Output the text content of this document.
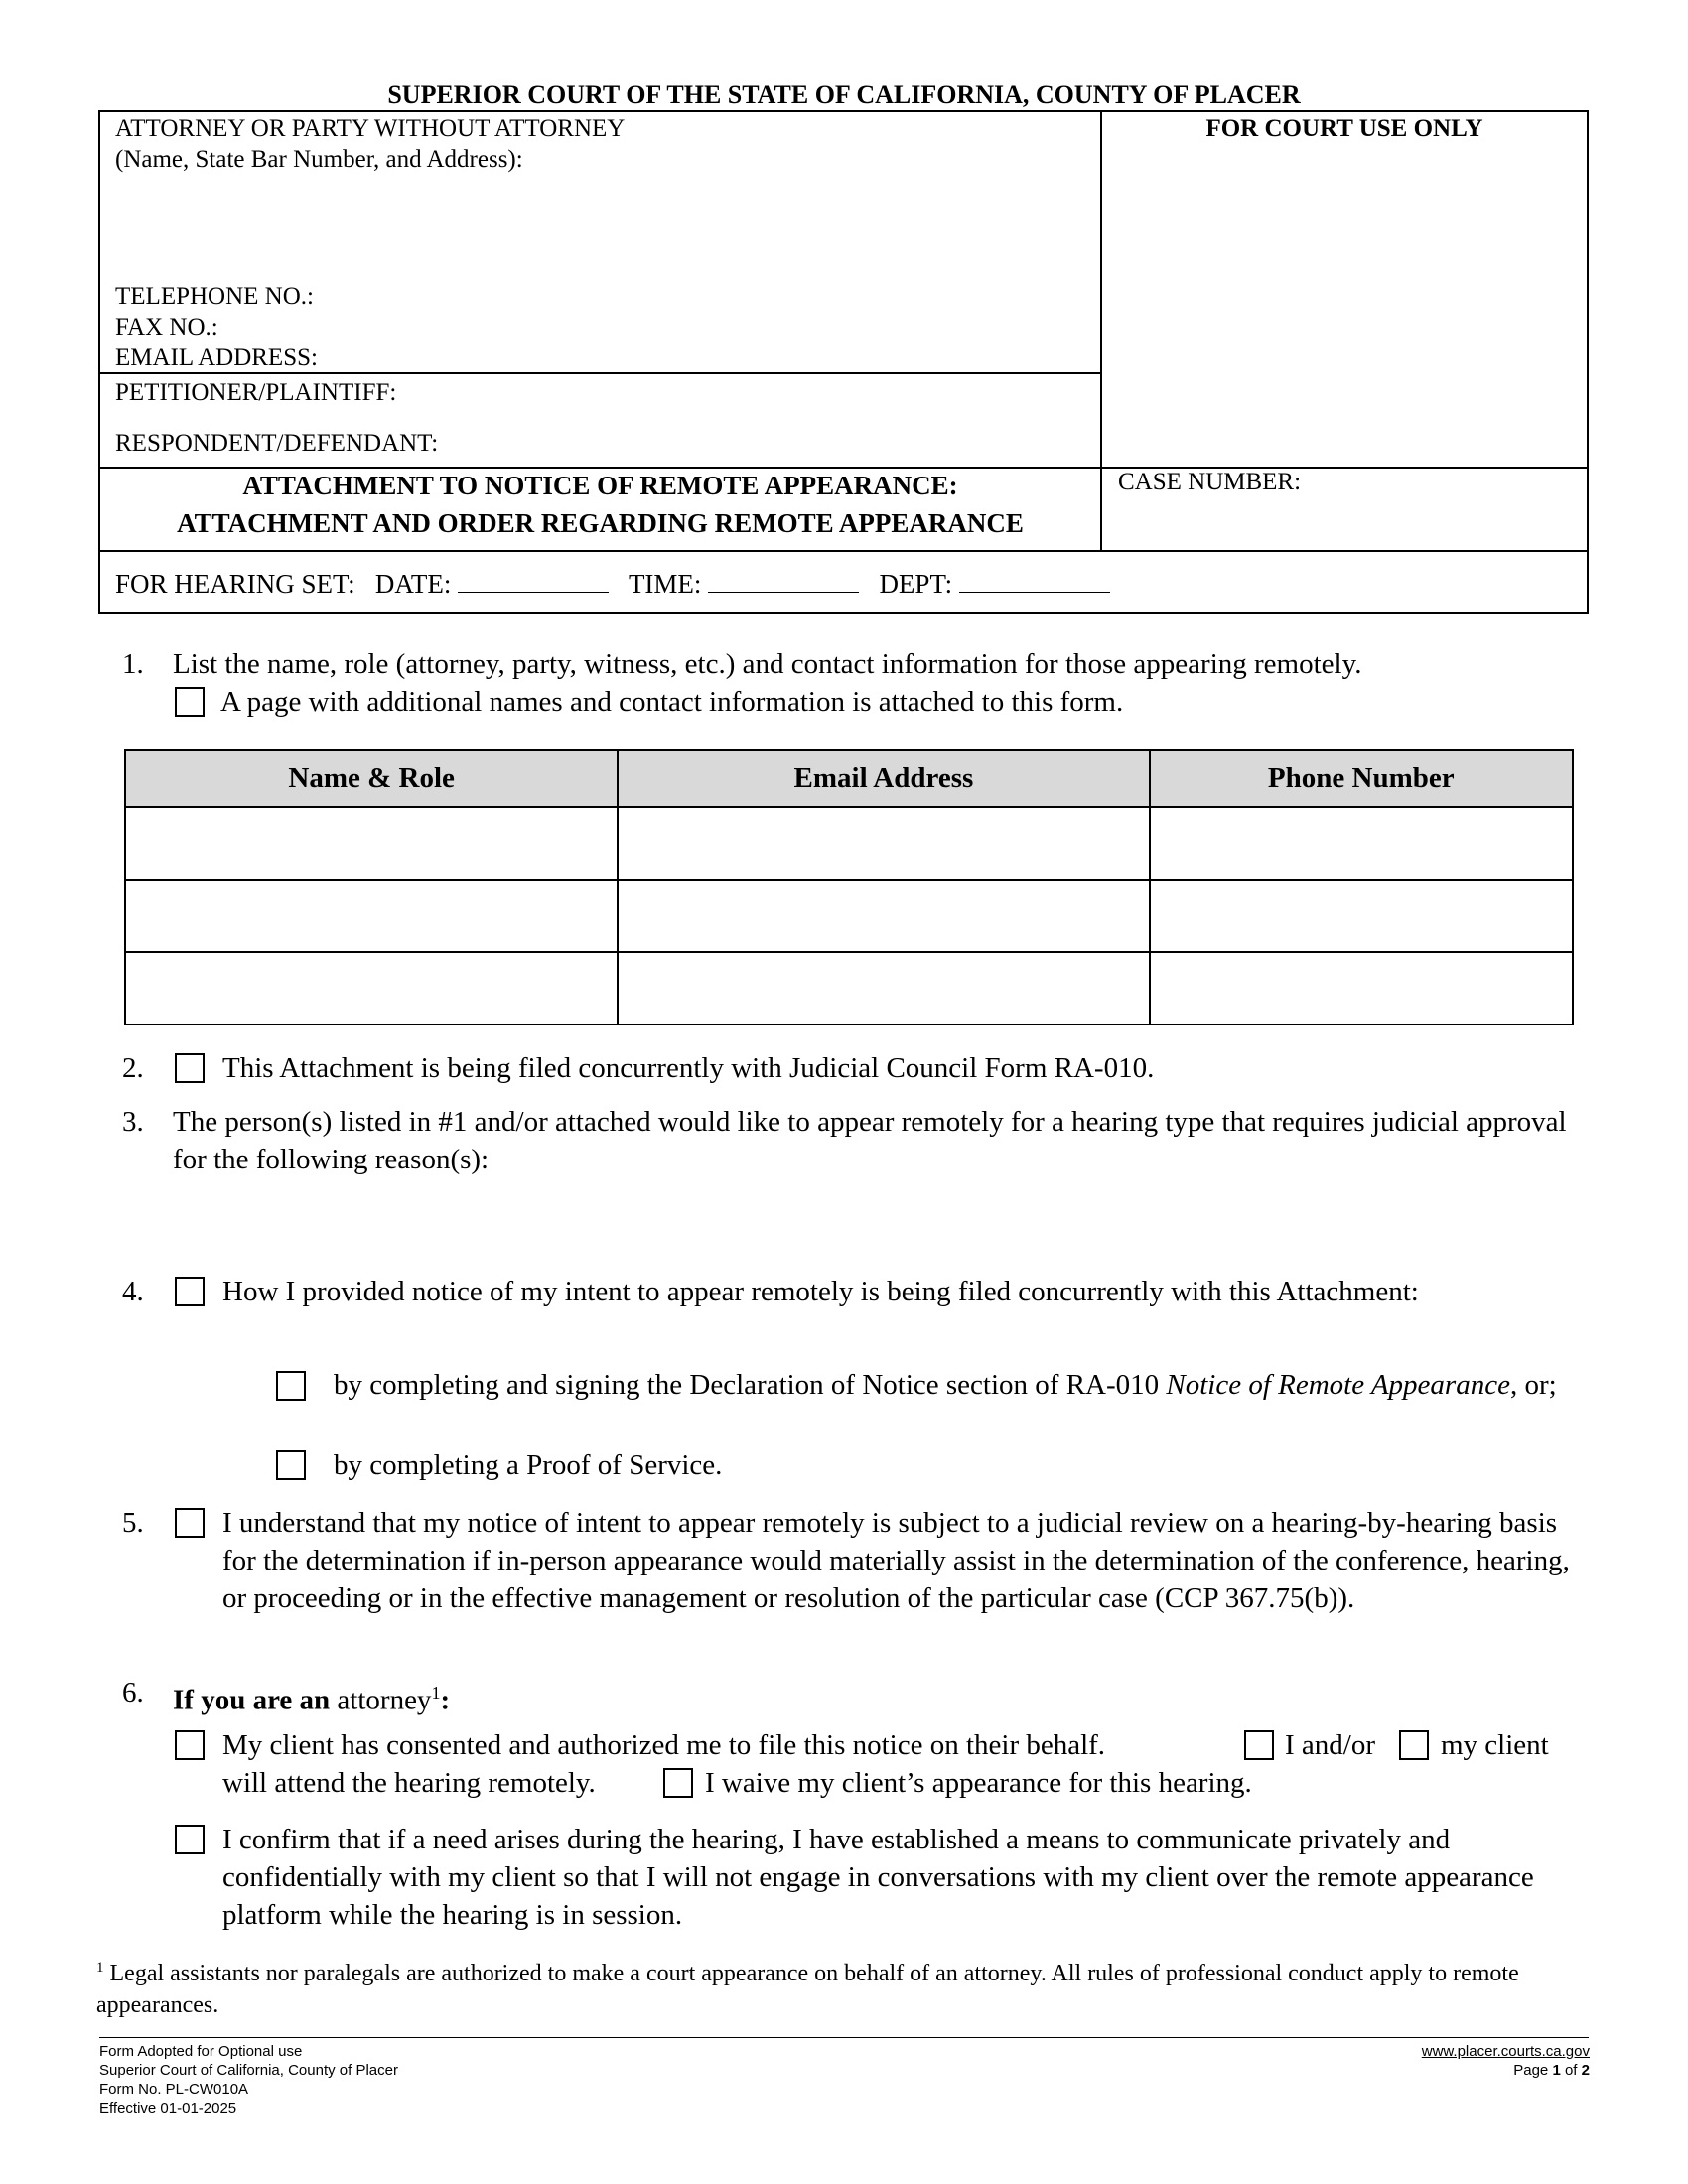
SUPERIOR COURT OF THE STATE OF CALIFORNIA, COUNTY OF PLACER
ATTORNEY OR PARTY WITHOUT ATTORNEY
(Name, State Bar Number, and Address):
TELEPHONE NO.:
FAX NO.:
EMAIL ADDRESS:
PETITIONER/PLAINTIFF:
RESPONDENT/DEFENDANT:
FOR COURT USE ONLY
ATTACHMENT TO NOTICE OF REMOTE APPEARANCE:
ATTACHMENT AND ORDER REGARDING REMOTE APPEARANCE
CASE NUMBER:
FOR HEARING SET: DATE:	TIME:	DEPT:
1. List the name, role (attorney, party, witness, etc.) and contact information for those appearing remotely.
A page with additional names and contact information is attached to this form.
Name & Role	Email Address	Phone Number

2.	This Attachment is being filed concurrently with Judicial Council Form RA-010.
3. The person(s) listed in #1 and/or attached would like to appear remotely for a hearing type that requires judicial approval for the following reason(s):
4.	How I provided notice of my intent to appear remotely is being filed concurrently with this Attachment:
by completing and signing the Declaration of Notice section of RA-010 Notice of Remote Appearance, or;
by completing a Proof of Service.
5.	I understand that my notice of intent to appear remotely is subject to a judicial review on a hearing-by-hearing basis for the determination if in-person appearance would materially assist in the determination of the conference, hearing, or proceeding or in the effective management or resolution of the particular case (CCP 367.75(b)).
6. If you are an attorney$^1$:
My client has consented and authorized me to file this notice on their behalf.	I and/or my client
will attend the hearing remotely.	I waive my client’s appearance for this hearing.
I confirm that if a need arises during the hearing, I have established a means to communicate privately and confidentially with my client so that I will not engage in conversations with my client over the remote appearance platform while the hearing is in session.
$^1$ Legal assistants nor paralegals are authorized to make a court appearance on behalf of an attorney. All rules of professional conduct apply to remote appearances.
Form Adopted for Optional use
Superior Court of California, County of Placer
Form No. PL-CW010A
Effective 01-01-2025
www.placer.courts.ca.gov
Page 1 of 2
